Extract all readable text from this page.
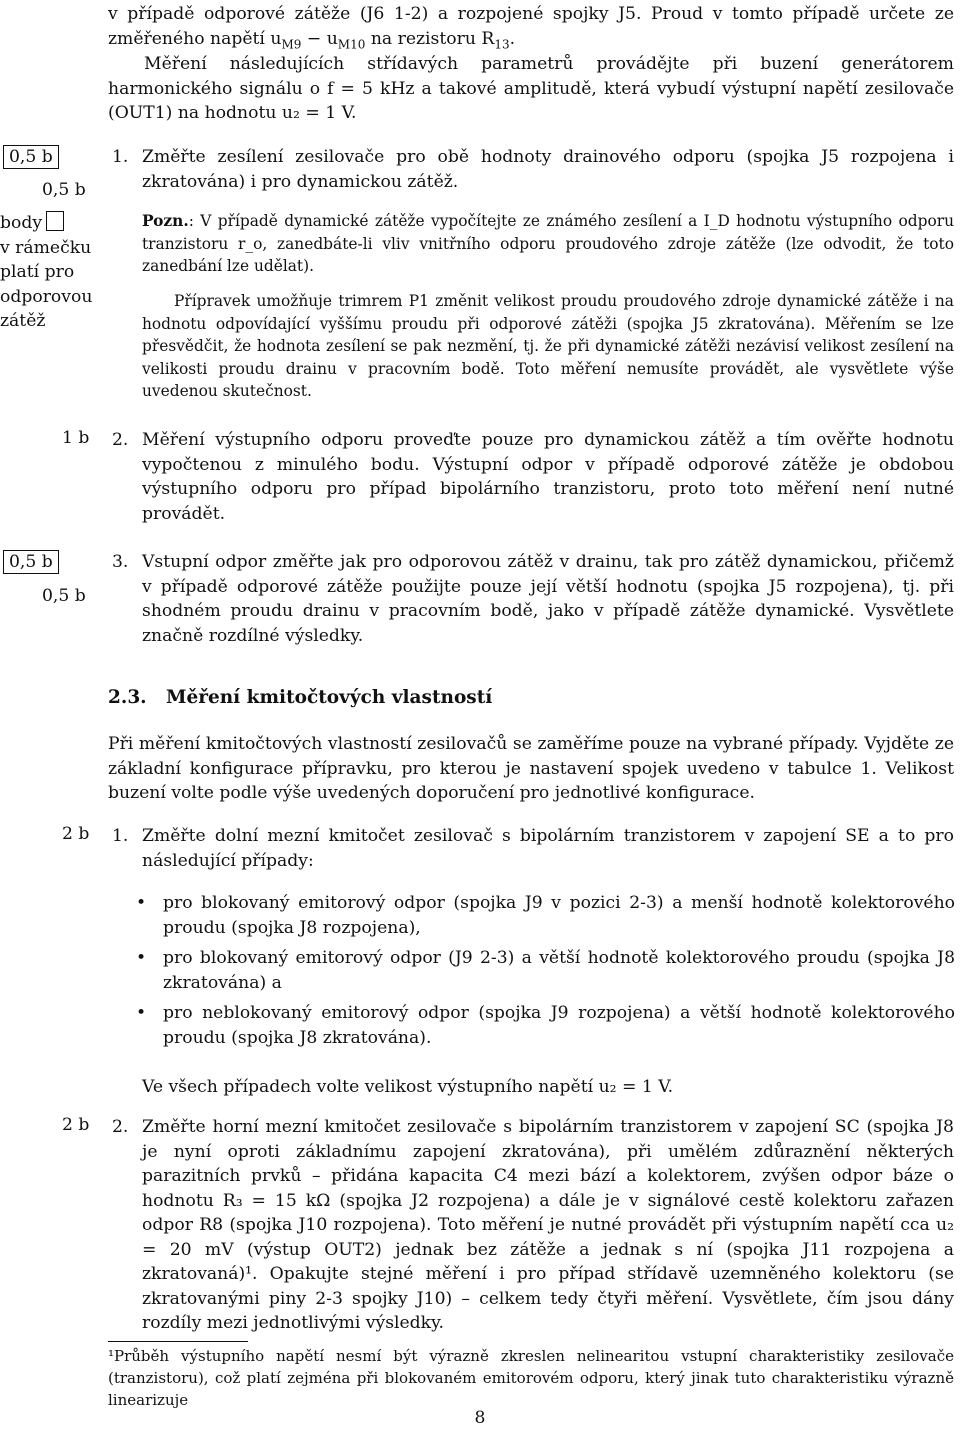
v případě odporové zátěže (J6 1-2) a rozpojené spojky J5. Proud v tomto případě určete ze změřeného napětí $u_{M9} - u_{M10}$ na rezistoru $R_{13}$.
Měření následujících střídavých parametrů provádějte při buzení generátorem harmonického signálu o f = 5 kHz a takové amplitudě, která vybudí výstupní napětí zesilovače (OUT1) na hodnotu u₂ = 1 V.
0,5 b
0,5 b
body
v rámečku
platí pro
odporovou
zátěž
1. Změřte zesílení zesilovače pro obě hodnoty drainového odporu (spojka J5 rozpojena i zkratována) i pro dynamickou zátěž.
Pozn.: V případě dynamické zátěže vypočítejte ze známého zesílení a I_D hodnotu výstupního odporu tranzistoru r_o, zanedbáte-li vliv vnitřního odporu proudového zdroje zátěže (lze odvodit, že toto zanedbání lze udělat).
Přípravek umožňuje trimrem P1 změnit velikost proudu proudového zdroje dynamické zátěže i na hodnotu odpovídající vyššímu proudu při odporové zátěži (spojka J5 zkratována). Měřením se lze přesvědčit, že hodnota zesílení se pak nezmění, tj. že při dynamické zátěži nezávisí velikost zesílení na velikosti proudu drainu v pracovním bodě. Toto měření nemusíte provádět, ale vysvětlete výše uvedenou skutečnost.
1 b 2. Měření výstupního odporu proveďte pouze pro dynamickou zátěž a tím ověřte hodnotu vypočtenou z minulého bodu. Výstupní odpor v případě odporové zátěže je obdobou výstupního odporu pro případ bipolárního tranzistoru, proto toto měření není nutné provádět.
0,5 b
0,5 b
3. Vstupní odpor změřte jak pro odporovou zátěž v drainu, tak pro zátěž dynamickou, přičemž v případě odporové zátěže použijte pouze její větší hodnotu (spojka J5 rozpojena), tj. při shodném proudu drainu v pracovním bodě, jako v případě zátěže dynamické. Vysvětlete značně rozdílné výsledky.
2.3. Měření kmitočtových vlastností
Při měření kmitočtových vlastností zesilovačů se zaměříme pouze na vybrané případy. Vyjděte ze základní konfigurace přípravku, pro kterou je nastavení spojek uvedeno v tabulce 1. Velikost buzení volte podle výše uvedených doporučení pro jednotlivé konfigurace.
2 b 1. Změřte dolní mezní kmitočet zesilovač s bipolárním tranzistorem v zapojení SE a to pro následující případy:
• pro blokovaný emitorový odpor (spojka J9 v pozici 2-3) a menší hodnotě kolektorového proudu (spojka J8 rozpojena),
• pro blokovaný emitorový odpor (J9 2-3) a větší hodnotě kolektorového proudu (spojka J8 zkratována) a
• pro neblokovaný emitorový odpor (spojka J9 rozpojena) a větší hodnotě kolektorového proudu (spojka J8 zkratována).
Ve všech případech volte velikost výstupního napětí u₂ = 1 V.
2 b 2. Změřte horní mezní kmitočet zesilovače s bipolárním tranzistorem v zapojení SC (spojka J8 je nyní oproti základnímu zapojení zkratována), při umělém zdůraznění některých parazitních prvků – přidána kapacita C4 mezi bází a kolektorem, zvýšen odpor báze o hodnotu R₃ = 15 kΩ (spojka J2 rozpojena) a dále je v signálové cestě kolektoru zařazen odpor R8 (spojka J10 rozpojena). Toto měření je nutné provádět při výstupním napětí cca u₂ = 20 mV (výstup OUT2) jednak bez zátěže a jednak s ní (spojka J11 rozpojena a zkratovaná)¹. Opakujte stejné měření i pro případ střídavě uzemněného kolektoru (se zkratovanými piny 2-3 spojky J10) – celkem tedy čtyři měření. Vysvětlete, čím jsou dány rozdíly mezi jednotlivými výsledky.
¹Průběh výstupního napětí nesmí být výrazně zkreslen nelinearitou vstupní charakteristiky zesilovače (tranzistoru), což platí zejména při blokovaném emitorovém odporu, který jinak tuto charakteristiku výrazně linearizuje
8
